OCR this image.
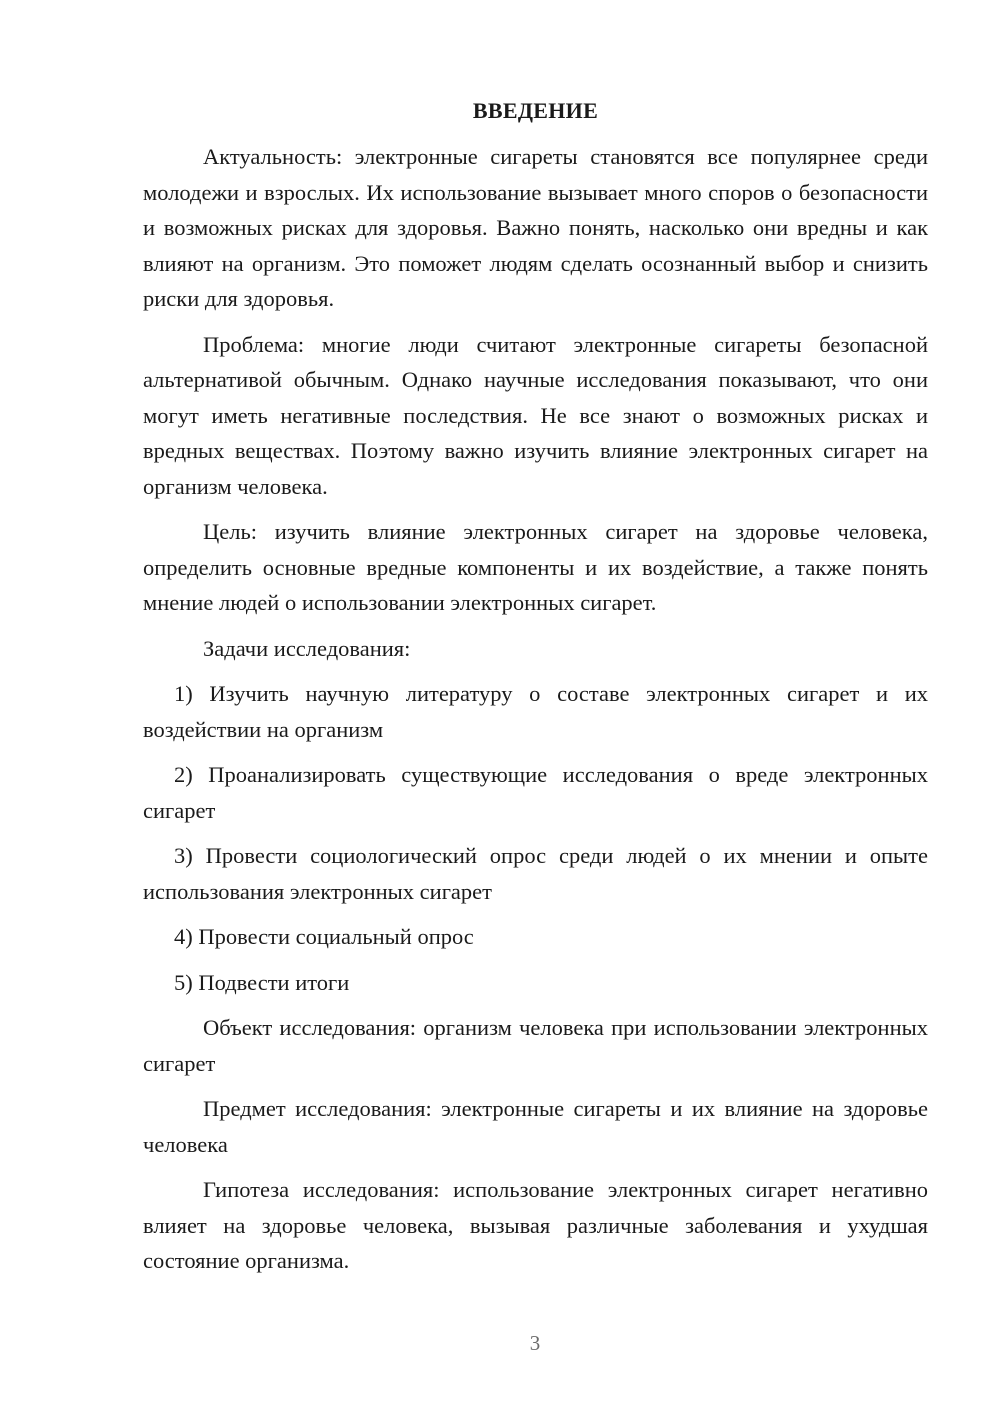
ВВЕДЕНИЕ

Актуальность: электронные сигареты становятся все популярнее среди молодежи и взрослых. Их использование вызывает много споров о безопасности и возможных рисках для здоровья. Важно понять, насколько они вредны и как влияют на организм. Это поможет людям сделать осознанный выбор и снизить риски для здоровья.

Проблема: многие люди считают электронные сигареты безопасной альтернативой обычным. Однако научные исследования показывают, что они могут иметь негативные последствия. Не все знают о возможных рисках и вредных веществах. Поэтому важно изучить влияние электронных сигарет на организм человека.

Цель: изучить влияние электронных сигарет на здоровье человека, определить основные вредные компоненты и их воздействие, а также понять мнение людей о использовании электронных сигарет.

Задачи исследования:

1) Изучить научную литературу о составе электронных сигарет и их воздействии на организм

2) Проанализировать существующие исследования о вреде электронных сигарет

3) Провести социологический опрос среди людей о их мнении и опыте использования электронных сигарет

4) Провести социальный опрос

5) Подвести итоги

Объект исследования: организм человека при использовании электронных сигарет

Предмет исследования: электронные сигареты и их влияние на здоровье человека

Гипотеза исследования: использование электронных сигарет негативно влияет на здоровье человека, вызывая различные заболевания и ухудшая состояние организма.

3
